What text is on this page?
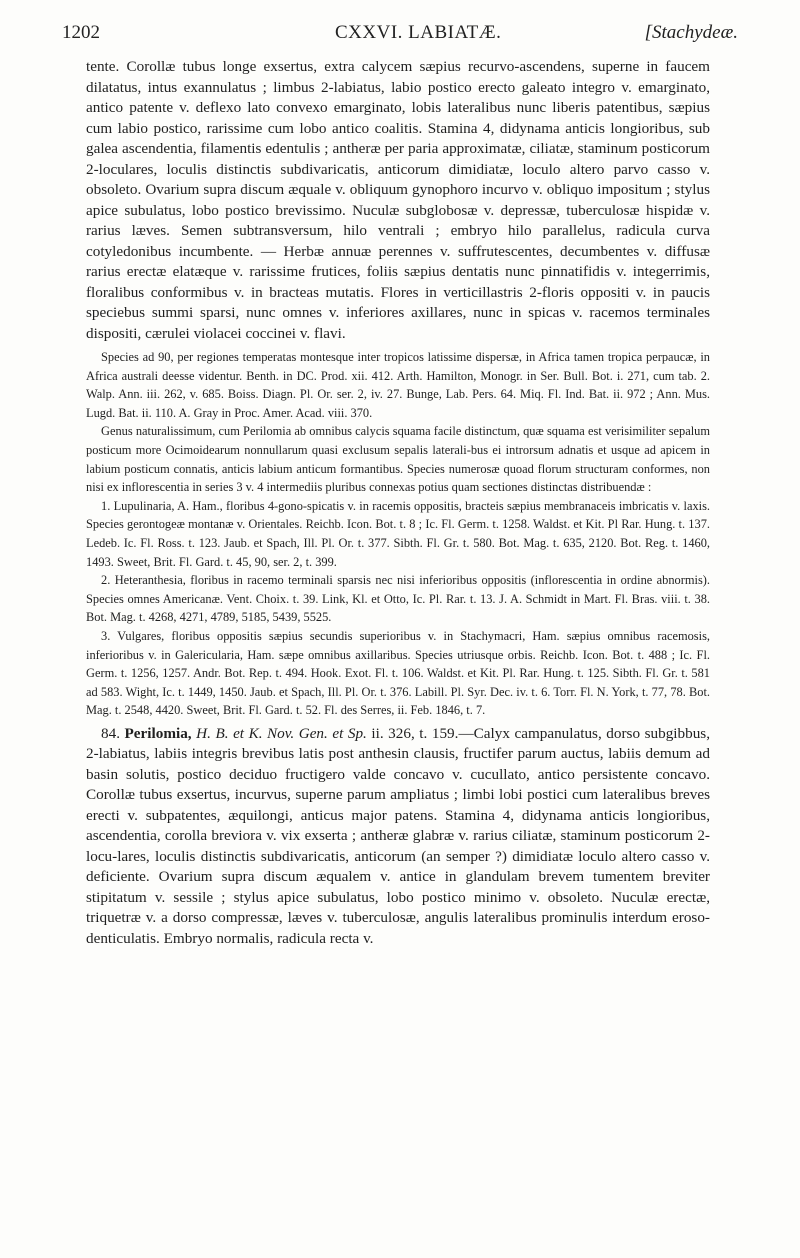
1202	CXXVI. LABIATÆ.	[Stachydeæ.

tente. Corollæ tubus longe exsertus, extra calycem sæpius recurvo-ascendens, superne in faucem dilatatus, intus exannulatus ; limbus 2-labiatus, labio postico erecto galeato integro v. emarginato, antico patente v. deflexo lato convexo emarginato, lobis lateralibus nunc liberis patentibus, sæpius cum labio postico, rarissime cum lobo antico coalitis. Stamina 4, didynama anticis longioribus, sub galea ascendentia, filamentis edentulis ; antheræ per paria approximatæ, ciliatæ, staminum posticorum 2-loculares, loculis distinctis subdivaricatis, anticorum dimidiatæ, loculo altero parvo casso v. obsoleto. Ovarium supra discum æquale v. obliquum gynophoro incurvo v. obliquo impositum ; stylus apice subulatus, lobo postico brevissimo. Nuculæ subglobosæ v. depressæ, tuberculosæ hispidæ v. rarius læves. Semen subtransversum, hilo ventrali ; embryo hilo parallelus, radicula curva cotyledonibus incumbente. — Herbæ annuæ perennes v. suffrutescentes, decumbentes v. diffusæ rarius erectæ elatæque v. rarissime frutices, foliis sæpius dentatis nunc pinnatifidis v. integerrimis, floralibus conformibus v. in bracteas mutatis. Flores in verticillastris 2-floris oppositi v. in paucis speciebus summi sparsi, nunc omnes v. inferiores axillares, nunc in spicas v. racemos terminales dispositi, cærulei violacei coccinei v. flavi.

Species ad 90, per regiones temperatas montesque inter tropicos latissime dispersæ, in Africa tamen tropica perpaucæ, in Africa australi deesse videntur. Benth. in DC. Prod. xii. 412. Arth. Hamilton, Monogr. in Ser. Bull. Bot. i. 271, cum tab. 2. Walp. Ann. iii. 262, v. 685. Boiss. Diagn. Pl. Or. ser. 2, iv. 27. Bunge, Lab. Pers. 64. Miq. Fl. Ind. Bat. ii. 972 ; Ann. Mus. Lugd. Bat. ii. 110. A. Gray in Proc. Amer. Acad. viii. 370.

Genus naturalissimum, cum Perilomia ab omnibus calycis squama facile distinctum, quæ squama est verisimiliter sepalum posticum more Ocimoidearum nonnullarum quasi exclusum sepalis laterali-bus ei introrsum adnatis et usque ad apicem in labium posticum connatis, anticis labium anticum formantibus. Species numerosæ quoad florum structuram conformes, non nisi ex inflorescentia in series 3 v. 4 intermediis pluribus connexas potius quam sectiones distinctas distribuendæ :

1. Lupulinaria, A. Ham., floribus 4-gono-spicatis v. in racemis oppositis, bracteis sæpius membranaceis imbricatis v. laxis. Species gerontogeæ montanæ v. Orientales. Reichb. Icon. Bot. t. 8 ; Ic. Fl. Germ. t. 1258. Waldst. et Kit. Pl Rar. Hung. t. 137. Ledeb. Ic. Fl. Ross. t. 123. Jaub. et Spach, Ill. Pl. Or. t. 377. Sibth. Fl. Gr. t. 580. Bot. Mag. t. 635, 2120. Bot. Reg. t. 1460, 1493. Sweet, Brit. Fl. Gard. t. 45, 90, ser. 2, t. 399.

2. Heteranthesia, floribus in racemo terminali sparsis nec nisi inferioribus oppositis (inflorescentia in ordine abnormis). Species omnes Americanæ. Vent. Choix. t. 39. Link, Kl. et Otto, Ic. Pl. Rar. t. 13. J. A. Schmidt in Mart. Fl. Bras. viii. t. 38. Bot. Mag. t. 4268, 4271, 4789, 5185, 5439, 5525.

3. Vulgares, floribus oppositis sæpius secundis superioribus v. in Stachymacri, Ham. sæpius omnibus racemosis, inferioribus v. in Galericularia, Ham. sæpe omnibus axillaribus. Species utriusque orbis. Reichb. Icon. Bot. t. 488 ; Ic. Fl. Germ. t. 1256, 1257. Andr. Bot. Rep. t. 494. Hook. Exot. Fl. t. 106. Waldst. et Kit. Pl. Rar. Hung. t. 125. Sibth. Fl. Gr. t. 581 ad 583. Wight, Ic. t. 1449, 1450. Jaub. et Spach, Ill. Pl. Or. t. 376. Labill. Pl. Syr. Dec. iv. t. 6. Torr. Fl. N. York, t. 77, 78. Bot. Mag. t. 2548, 4420. Sweet, Brit. Fl. Gard. t. 52. Fl. des Serres, ii. Feb. 1846, t. 7.

84. Perilomia, H. B. et K. Nov. Gen. et Sp. ii. 326, t. 159.—Calyx campanulatus, dorso subgibbus, 2-labiatus, labiis integris brevibus latis post anthesin clausis, fructifer parum auctus, labiis demum ad basin solutis, postico deciduo fructigero valde concavo v. cucullato, antico persistente concavo. Corollæ tubus exsertus, incurvus, superne parum ampliatus ; limbi lobi postici cum lateralibus breves erecti v. subpatentes, æquilongi, anticus major patens. Stamina 4, didynama anticis longioribus, ascendentia, corolla breviora v. vix exserta ; antheræ glabræ v. rarius ciliatæ, staminum posticorum 2-locu-lares, loculis distinctis subdivaricatis, anticorum (an semper ?) dimidiatæ loculo altero casso v. deficiente. Ovarium supra discum æqualem v. antice in glandulam brevem tumentem breviter stipitatum v. sessile ; stylus apice subulatus, lobo postico minimo v. obsoleto. Nuculæ erectæ, triquetræ v. a dorso compressæ, læves v. tuberculosæ, angulis lateralibus prominulis interdum eroso-denticulatis. Embryo normalis, radicula recta v.
